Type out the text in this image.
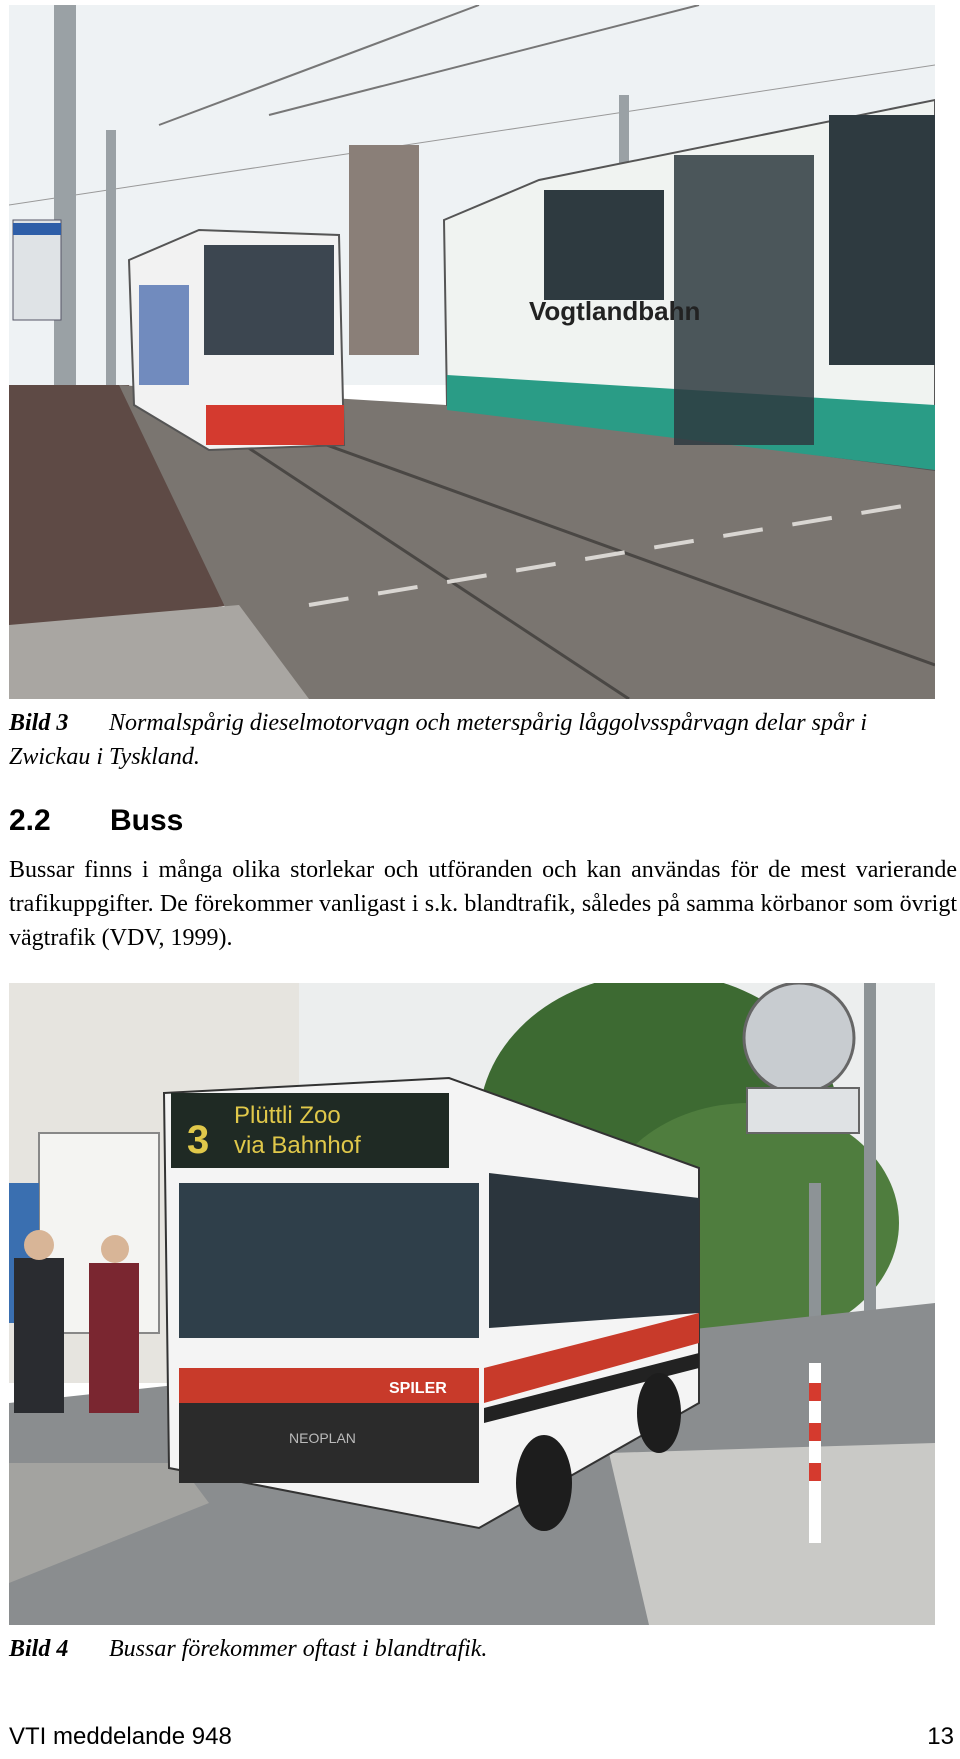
Vogtlandbahn
Bild 3 Normalspårig dieselmotorvagn och meterspårig låggolvsspårvagn delar spår i Zwickau i Tyskland.
2.2 Buss
Bussar finns i många olika storlekar och utföranden och kan användas för de mest varierande trafikuppgifter. De förekommer vanligast i s.k. blandtrafik, således på samma körbanor som övrigt vägtrafik (VDV, 1999).
3
Plüttli Zoo
via Bahnhof
SPILER
NEOPLAN
Bild 4 Bussar förekommer oftast i blandtrafik.
VTI meddelande 948	13
